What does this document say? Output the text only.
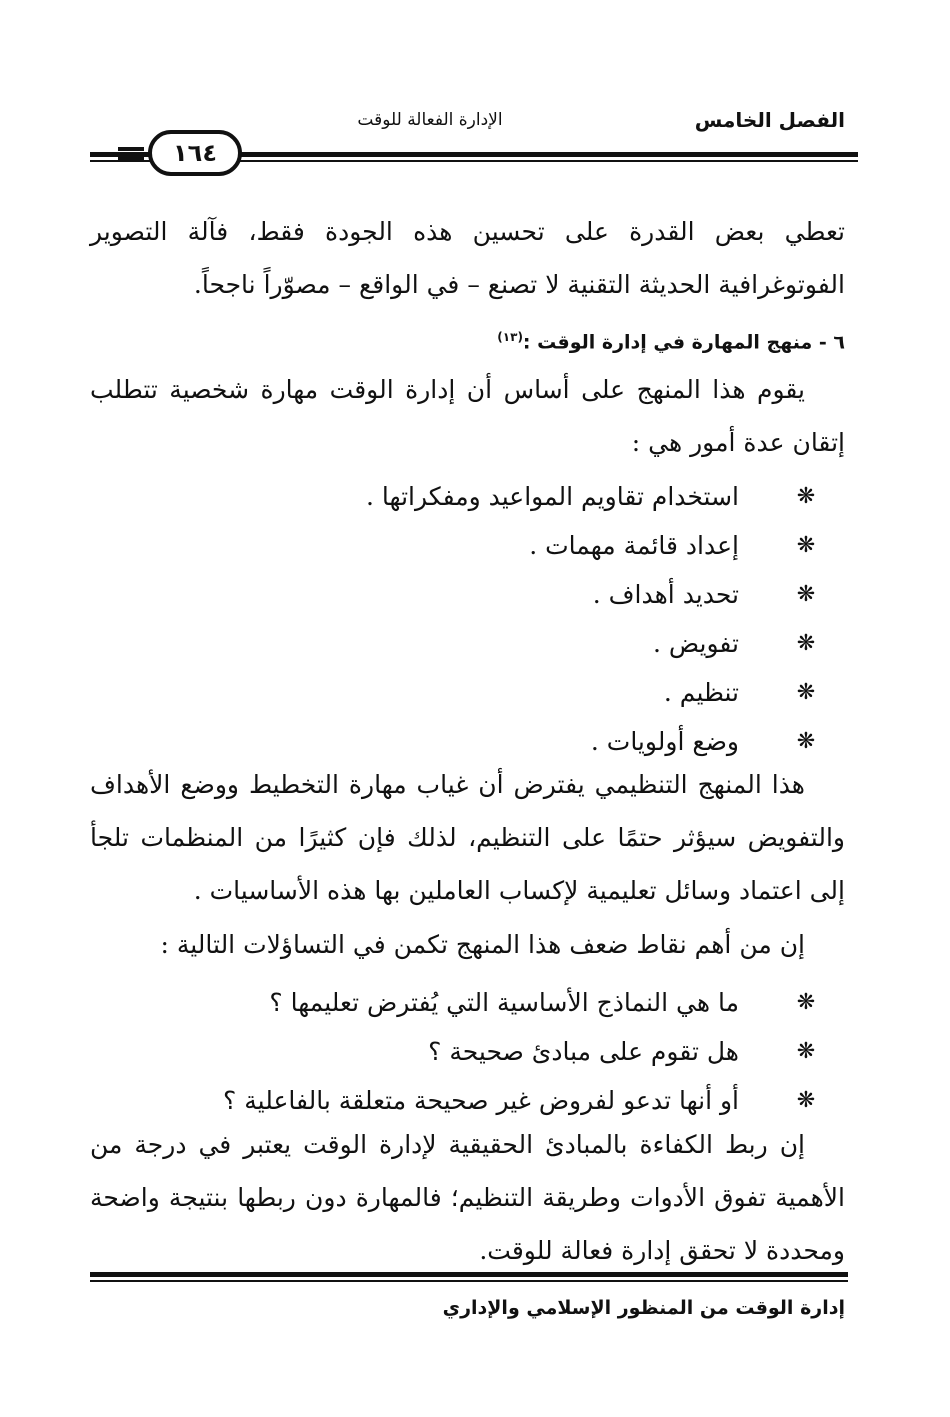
الفصل الخامس
الإدارة الفعالة للوقت
١٦٤
تعطي بعض القدرة على تحسين هذه الجودة فقط، فآلة التصوير الفوتوغرافية الحديثة التقنية لا تصنع – في الواقع – مصوّراً ناجحاً.
٦ - منهج المهارة في إدارة الوقت :$^{(١٣)}$
يقوم هذا المنهج على أساس أن إدارة الوقت مهارة شخصية تتطلب إتقان عدة أمور هي :
❋
استخدام تقاويم المواعيد ومفكراتها .
❋
إعداد قائمة مهمات .
❋
تحديد أهداف .
❋
تفويض .
❋
تنظيم .
❋
وضع أولويات .
هذا المنهج التنظيمي يفترض أن غياب مهارة التخطيط ووضع الأهداف والتفويض سيؤثر حتمًا على التنظيم، لذلك فإن كثيرًا من المنظمات تلجأ إلى اعتماد وسائل تعليمية لإكساب العاملين بها هذه الأساسيات .
إن من أهم نقاط ضعف هذا المنهج تكمن في التساؤلات التالية :
❋
ما هي النماذج الأساسية التي يُفترض تعليمها ؟
❋
هل تقوم على مبادئ صحيحة ؟
❋
أو أنها تدعو لفروض غير صحيحة متعلقة بالفاعلية ؟
إن ربط الكفاءة بالمبادئ الحقيقية لإدارة الوقت يعتبر في درجة من الأهمية تفوق الأدوات وطريقة التنظيم؛ فالمهارة دون ربطها بنتيجة واضحة ومحددة لا تحقق إدارة فعالة للوقت.
إدارة الوقت من المنظور الإسلامي والإداري
